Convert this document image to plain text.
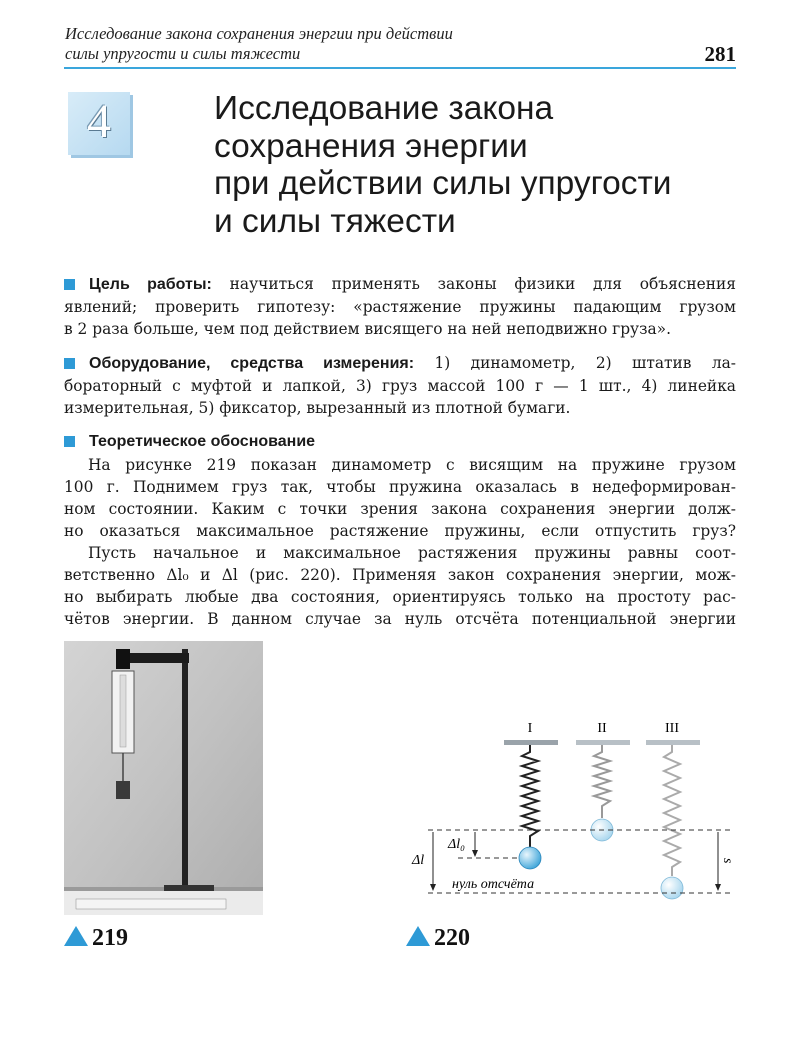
Исследование закона сохранения энергии при действии
силы упругости и силы тяжести	281
4	Исследование закона
сохранения энергии
при действии силы упругости
и силы тяжести
Цель работы: научиться применять законы физики для объяснения
явлений; проверить гипотезу: «растяжение пружины падающим грузом
в 2 раза больше, чем под действием висящего на ней неподвижно груза».
Оборудование, средства измерения: 1) динамометр, 2) штатив ла-
бораторный с муфтой и лапкой, 3) груз массой 100 г — 1 шт., 4) линейка
измерительная, 5) фиксатор, вырезанный из плотной бумаги.
Теоретическое обоснование
На рисунке 219 показан динамометр с висящим на пружине грузом
100 г. Поднимем груз так, чтобы пружина оказалась в недеформирован-
ном состоянии. Каким с точки зрения закона сохранения энергии долж-
но оказаться максимальное растяжение пружины, если отпустить груз?
Пусть начальное и максимальное растяжения пружины равны соот-
ветственно Δl₀ и Δl (рис. 220). Применяя закон сохранения энергии, мож-
но выбирать любые два состояния, ориентируясь только на простоту рас-
чётов энергии. В данном случае за нуль отсчёта потенциальной энергии
219
I	II	III
Δl₀
Δl	s
нуль отсчёта
220
